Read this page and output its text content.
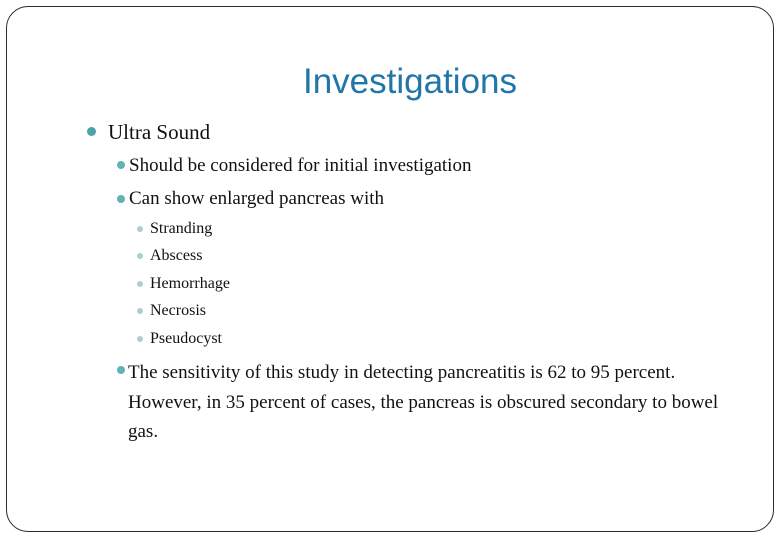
Investigations
Ultra Sound
Should be considered for initial investigation
Can show enlarged pancreas with
Stranding
Abscess
Hemorrhage
Necrosis
Pseudocyst
The sensitivity of this study in detecting pancreatitis is 62 to 95 percent. However, in 35 percent of cases, the pancreas is obscured secondary to bowel gas.
